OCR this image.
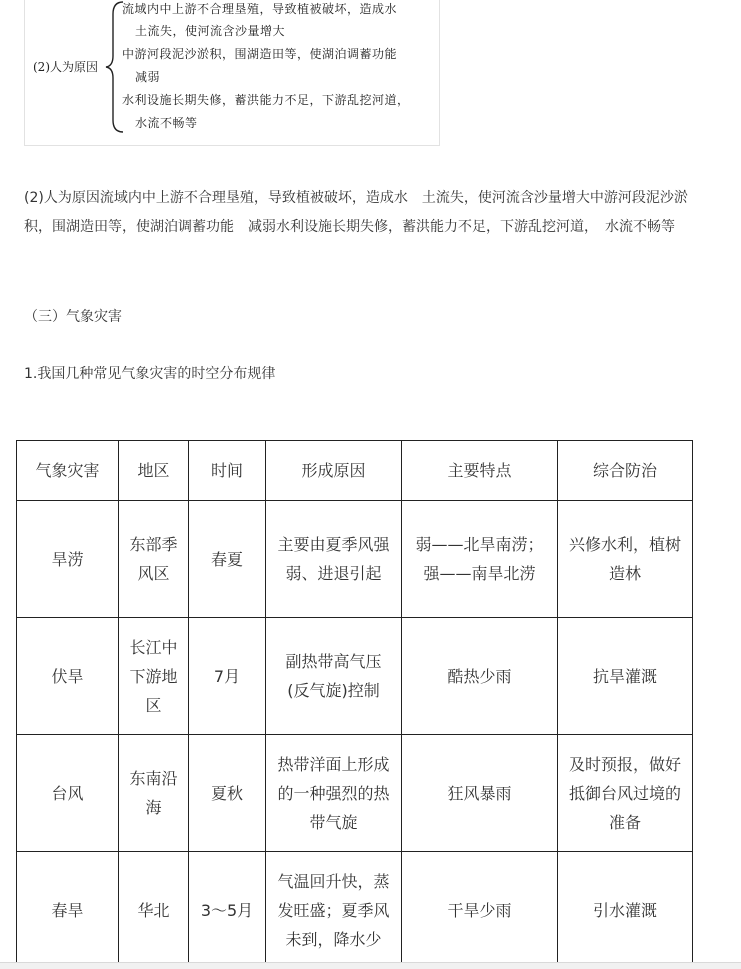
(2)人为原因
流域内中上游不合理垦殖，导致植被破坏，造成水
土流失，使河流含沙量增大
中游河段泥沙淤积，围湖造田等，使湖泊调蓄功能
减弱
水利设施长期失修，蓄洪能力不足，下游乱挖河道，
水流不畅等
(2)人为原因流域内中上游不合理垦殖，导致植被破坏，造成水　土流失，使河流含沙量增大中游河段泥沙淤积，围湖造田等，使湖泊调蓄功能　减弱水利设施长期失修，蓄洪能力不足，下游乱挖河道，　水流不畅等
（三）气象灾害
1.我国几种常见气象灾害的时空分布规律
气象灾害	地区	时间	形成原因	主要特点	综合防治
旱涝	东部季风区	春夏	主要由夏季风强弱、进退引起	弱——北旱南涝；强——南旱北涝	兴修水利，植树造林
伏旱	长江中下游地区	7月	副热带高气压(反气旋)控制	酷热少雨	抗旱灌溉
台风	东南沿海	夏秋	热带洋面上形成的一种强烈的热带气旋	狂风暴雨	及时预报，做好抵御台风过境的准备
春旱	华北	3～5月	气温回升快，蒸发旺盛；夏季风未到，降水少	干旱少雨	引水灌溉
